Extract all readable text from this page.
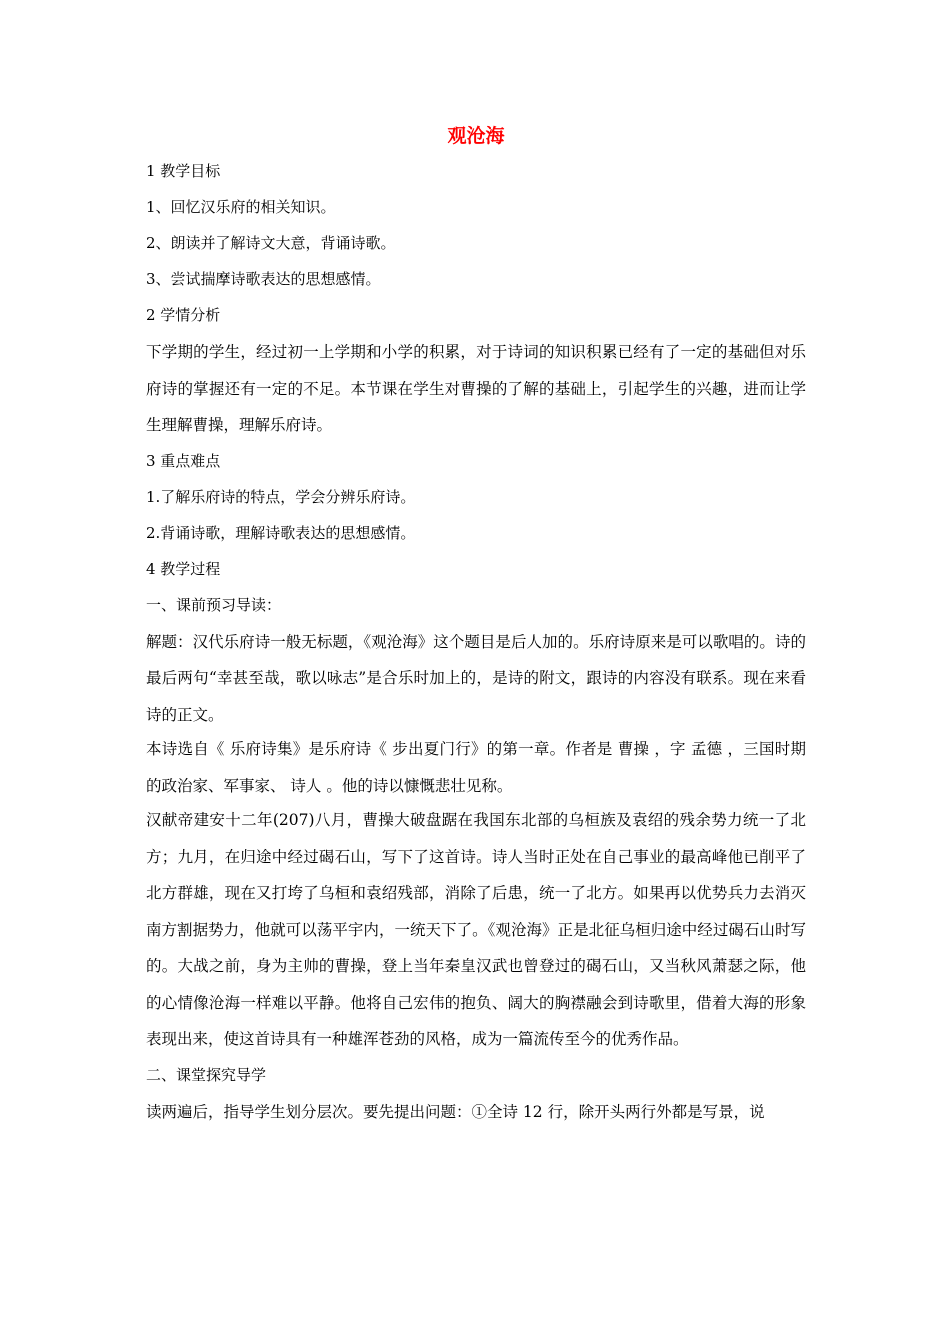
观沧海
1 教学目标
1、回忆汉乐府的相关知识。
2、朗读并了解诗文大意，背诵诗歌。
3、尝试揣摩诗歌表达的思想感情。
2 学情分析
下学期的学生，经过初一上学期和小学的积累，对于诗词的知识积累已经有了一定的基础但对乐府诗的掌握还有一定的不足。本节课在学生对曹操的了解的基础上，引起学生的兴趣，进而让学生理解曹操，理解乐府诗。
3 重点难点
1.了解乐府诗的特点，学会分辨乐府诗。
2.背诵诗歌，理解诗歌表达的思想感情。
4 教学过程
一、课前预习导读：
解题：汉代乐府诗一般无标题，《观沧海》这个题目是后人加的。乐府诗原来是可以歌唱的。诗的最后两句“幸甚至哉，歌以咏志”是合乐时加上的，是诗的附文，跟诗的内容没有联系。现在来看诗的正文。
本诗选自《 乐府诗集》是乐府诗《 步出夏门行》的第一章。作者是 曹操 ，字 孟德 ，三国时期的政治家、军事家、 诗人 。他的诗以慷慨悲壮见称。
汉献帝建安十二年(207)八月，曹操大破盘踞在我国东北部的乌桓族及袁绍的残余势力统一了北方；九月，在归途中经过碣石山，写下了这首诗。诗人当时正处在自己事业的最高峰他已削平了北方群雄，现在又打垮了乌桓和袁绍残部，消除了后患，统一了北方。如果再以优势兵力去消灭南方割据势力，他就可以荡平宇内，一统天下了。《观沧海》正是北征乌桓归途中经过碣石山时写的。大战之前，身为主帅的曹操，登上当年秦皇汉武也曾登过的碣石山，又当秋风萧瑟之际，他的心情像沧海一样难以平静。他将自己宏伟的抱负、阔大的胸襟融会到诗歌里，借着大海的形象表现出来，使这首诗具有一种雄浑苍劲的风格，成为一篇流传至今的优秀作品。
二、课堂探究导学
读两遍后，指导学生划分层次。要先提出问题：①全诗 12 行，除开头两行外都是写景，说
